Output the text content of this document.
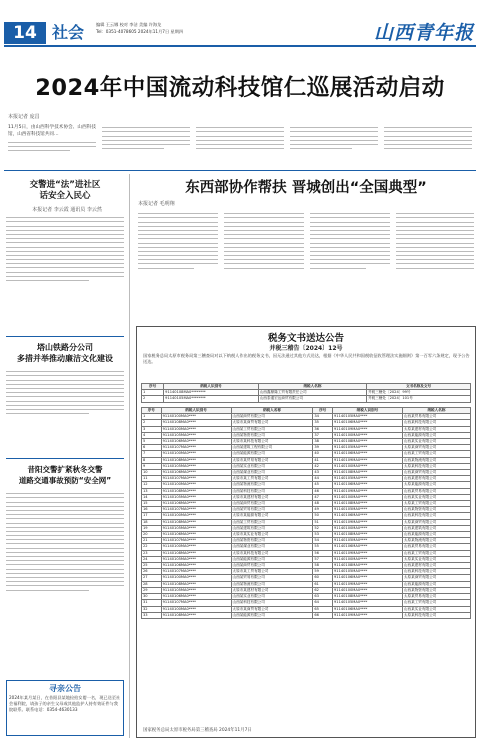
14 社会	编辑 王云娜 校对 李洁 美编 许海龙
Tel：0351-4078605 2024年11月7日 星期四	山西青年报
2024年中国流动科技馆仁巡展活动启动
本报记者 庞昌
11月5日，由山西科学技术协会、山西科技馆，山西省科技馆共同…
交警进“法”进社区
话安全入民心
本报记者 李云霞 通讯员 李云然
塔山铁路分公司
多措并举推动廉洁文化建设
昔阳交警扩紧秋冬交警
道路交通事故预防“安全网”
寻亲公告
2024年某月某日，在昔阳县某地捡拾女婴一名，现已送至社会福利院，请孩子的亲生父母或其他监护人持有效证件与我院联系。联系电话：0354-4630133
东西部协作帮扶 晋城创出“全国典型”
本报记者 毛明翔
税务文书送达公告
并税三稽告〔2024〕12号
国家税务总局太原市税务局第三稽查局对以下纳税人作出的税务文书，因无法通过其他方式送达，根据《中华人民共和国税收征收管理法实施细则》第一百零六条规定，现予公告送达。
序号	纳税人识别号	纳税人名称	文书名称及文号
1	91140108MA0********	山西鑫鼎隆工贸有限责任公司	并税三稽处〔2024〕99号
2	91140105MA0********	山西泰通宏达商贸有限公司	并税三稽处〔2024〕101号
序号	纳税人识别号	纳税人名称	序号	纳税人识别号	纳税人名称
1	91140100MA0****	山西某商贸有限公司	34	91140105MA0****	山西某贸易有限公司
2	91140108MA0****	太原市某商贸有限公司	35	91140106MA0****	山西某科技有限公司
3	91140100MA0****	山西某工贸有限公司	36	91140109MA0****	太原某建材有限公司
4	91140105MA0****	山西某物资有限公司	37	91140100MA0****	山西某能源有限公司
5	91140106MA0****	太原市某科技有限公司	38	91140108MA0****	山西某实业有限公司
6	91140107MA0****	山西某建筑工程有限公司	39	91140105MA0****	太原某商贸有限公司
7	91140100MA0****	山西某能源有限公司	40	91140106MA0****	山西某工贸有限公司
8	91140108MA0****	太原市某贸易有限公司	41	91140109MA0****	山西某物流有限公司
9	91140105MA0****	山西某实业有限公司	42	91140100MA0****	太原某科技有限公司
10	91140106MA0****	山西某煤业有限公司	43	91140108MA0****	山西某商贸有限公司
11	91140107MA0****	太原市某工贸有限公司	44	91140105MA0****	山西某建材有限公司
12	91140100MA0****	山西某物流有限公司	45	91140106MA0****	太原某能源有限公司
13	91140108MA0****	山西某科技有限公司	46	91140109MA0****	山西某贸易有限公司
14	91140105MA0****	太原市某建材有限公司	47	91140100MA0****	山西某实业有限公司
15	91140106MA0****	山西某商贸有限公司	48	91140108MA0****	太原某工贸有限公司
16	91140107MA0****	山西某贸易有限公司	49	91140105MA0****	山西某物资有限公司
17	91140100MA0****	太原市某能源有限公司	50	91140106MA0****	山西某科技有限公司
18	91140108MA0****	山西某工贸有限公司	51	91140109MA0****	太原某商贸有限公司
19	91140105MA0****	山西某建筑有限公司	52	91140100MA0****	山西某建筑有限公司
20	91140106MA0****	太原市某实业有限公司	53	91140108MA0****	山西某能源有限公司
21	91140107MA0****	山西某物资有限公司	54	91140105MA0****	太原某物流有限公司
22	91140100MA0****	山西某煤业有限公司	55	91140106MA0****	山西某贸易有限公司
23	91140108MA0****	太原市某科技有限公司	56	91140109MA0****	山西某工贸有限公司
24	91140105MA0****	山西某能源有限公司	57	91140100MA0****	太原某实业有限公司
25	91140106MA0****	山西某商贸有限公司	58	91140108MA0****	山西某建材有限公司
26	91140107MA0****	太原市某工贸有限公司	59	91140105MA0****	山西某科技有限公司
27	91140100MA0****	山西某贸易有限公司	60	91140106MA0****	太原某商贸有限公司
28	91140108MA0****	山西某物流有限公司	61	91140109MA0****	山西某能源有限公司
29	91140105MA0****	太原市某建材有限公司	62	91140100MA0****	山西某物资有限公司
30	91140106MA0****	山西某实业有限公司	63	91140108MA0****	太原某贸易有限公司
31	91140107MA0****	山西某科技有限公司	64	91140105MA0****	山西某工贸有限公司
32	91140100MA0****	太原市某商贸有限公司	65	91140106MA0****	山西某实业有限公司
33	91140108MA0****	山西某能源有限公司	66	91140109MA0****	太原某科技有限公司
国家税务总局太原市税务局第三稽查局 2024年11月7日
